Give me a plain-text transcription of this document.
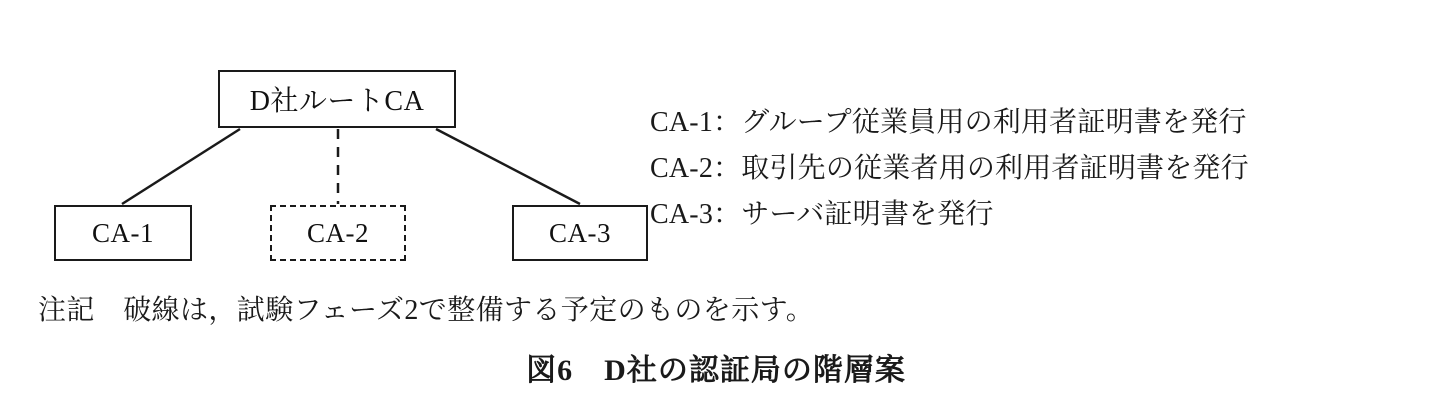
D社ルートCA
CA-1	CA-2	CA-3
CA-1：グループ従業員用の利用者証明書を発行
CA-2：取引先の従業者用の利用者証明書を発行
CA-3：サーバ証明書を発行
注記　破線は，試験フェーズ2で整備する予定のものを示す。
図6　D社の認証局の階層案
